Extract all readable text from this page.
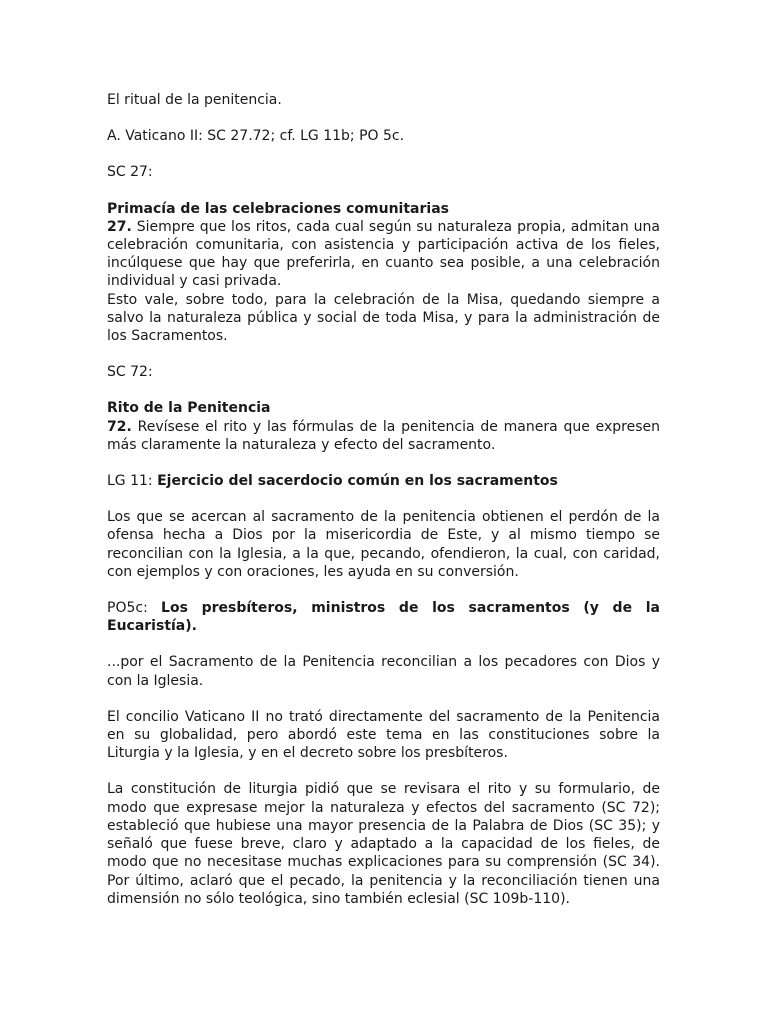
El ritual de la penitencia.

A. Vaticano II: SC 27.72; cf. LG 11b; PO 5c.

SC 27:

Primacía de las celebraciones comunitarias

27. Siempre que los ritos, cada cual según su naturaleza propia, admitan una celebración comunitaria, con asistencia y participación activa de los fieles, incúlquese que hay que preferirla, en cuanto sea posible, a una celebración individual y casi privada.

Esto vale, sobre todo, para la celebración de la Misa, quedando siempre a salvo la naturaleza pública y social de toda Misa, y para la administración de los Sacramentos.

SC 72:

Rito de la Penitencia

72. Revísese el rito y las fórmulas de la penitencia de manera que expresen más claramente la naturaleza y efecto del sacramento.

LG 11: Ejercicio del sacerdocio común en los sacramentos

Los que se acercan al sacramento de la penitencia obtienen el perdón de la ofensa hecha a Dios por la misericordia de Este, y al mismo tiempo se reconcilian con la Iglesia, a la que, pecando, ofendieron, la cual, con caridad, con ejemplos y con oraciones, les ayuda en su conversión.

PO5c: Los presbíteros, ministros de los sacramentos (y de la Eucaristía).

...por el Sacramento de la Penitencia reconcilian a los pecadores con Dios y con la Iglesia.

El concilio Vaticano II no trató directamente del sacramento de la Penitencia en su globalidad, pero abordó este tema en las constituciones sobre la Liturgia y la Iglesia, y en el decreto sobre los presbíteros.

La constitución de liturgia pidió que se revisara el rito y su formulario, de modo que expresase mejor la naturaleza y efectos del sacramento (SC 72); estableció que hubiese una mayor presencia de la Palabra de Dios (SC 35); y señaló que fuese breve, claro y adaptado a la capacidad de los fieles, de modo que no necesitase muchas explicaciones para su comprensión (SC 34). Por último, aclaró que el pecado, la penitencia y la reconciliación tienen una dimensión no sólo teológica, sino también eclesial (SC 109b-110).
